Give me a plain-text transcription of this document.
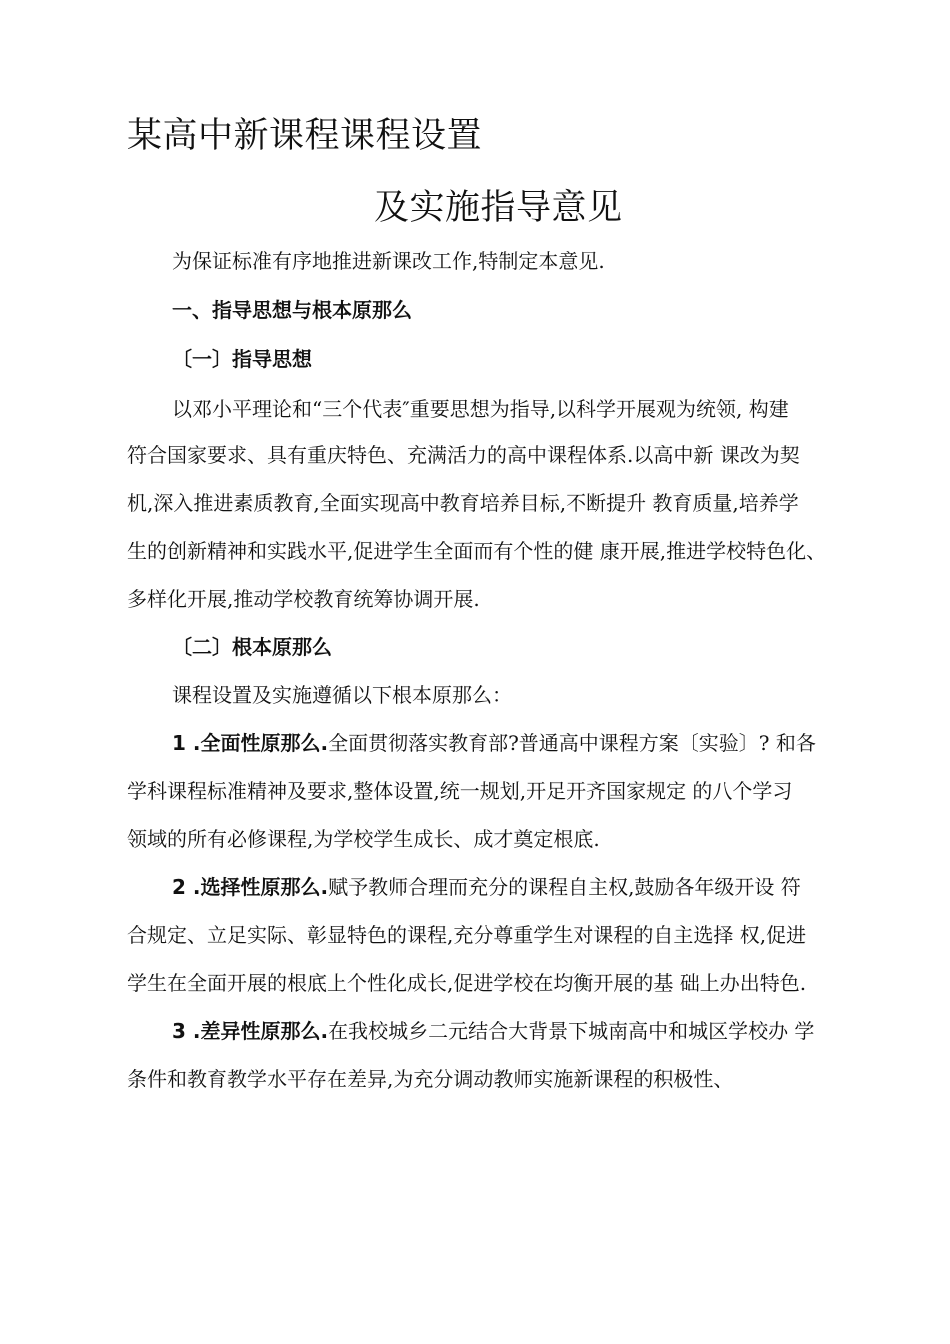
某高中新课程课程设置
及实施指导意见

为保证标准有序地推进新课改工作,特制定本意见.

一、指导思想与根本原那么

〔一〕指导思想

以邓小平理论和“三个代表″重要思想为指导,以科学开展观为统领, 构建

符合国家要求、具有重庆特色、充满活力的高中课程体系.以高中新 课改为契

机,深入推进素质教育,全面实现高中教育培养目标,不断提升 教育质量,培养学

生的创新精神和实践水平,促进学生全面而有个性的健 康开展,推进学校特色化、

多样化开展,推动学校教育统筹协调开展.

〔二〕根本原那么

课程设置及实施遵循以下根本原那么：

1 .全面性原那么.全面贯彻落实教育部?普通高中课程方案〔实验〕? 和各

学科课程标准精神及要求,整体设置,统一规划,开足开齐国家规定 的八个学习

领域的所有必修课程,为学校学生成长、成才奠定根底.

2 .选择性原那么.赋予教师合理而充分的课程自主权,鼓励各年级开设 符

合规定、立足实际、彰显特色的课程,充分尊重学生对课程的自主选择 权,促进

学生在全面开展的根底上个性化成长,促进学校在均衡开展的基 础上办出特色.

3 .差异性原那么.在我校城乡二元结合大背景下城南高中和城区学校办 学

条件和教育教学水平存在差异,为充分调动教师实施新课程的积极性、
